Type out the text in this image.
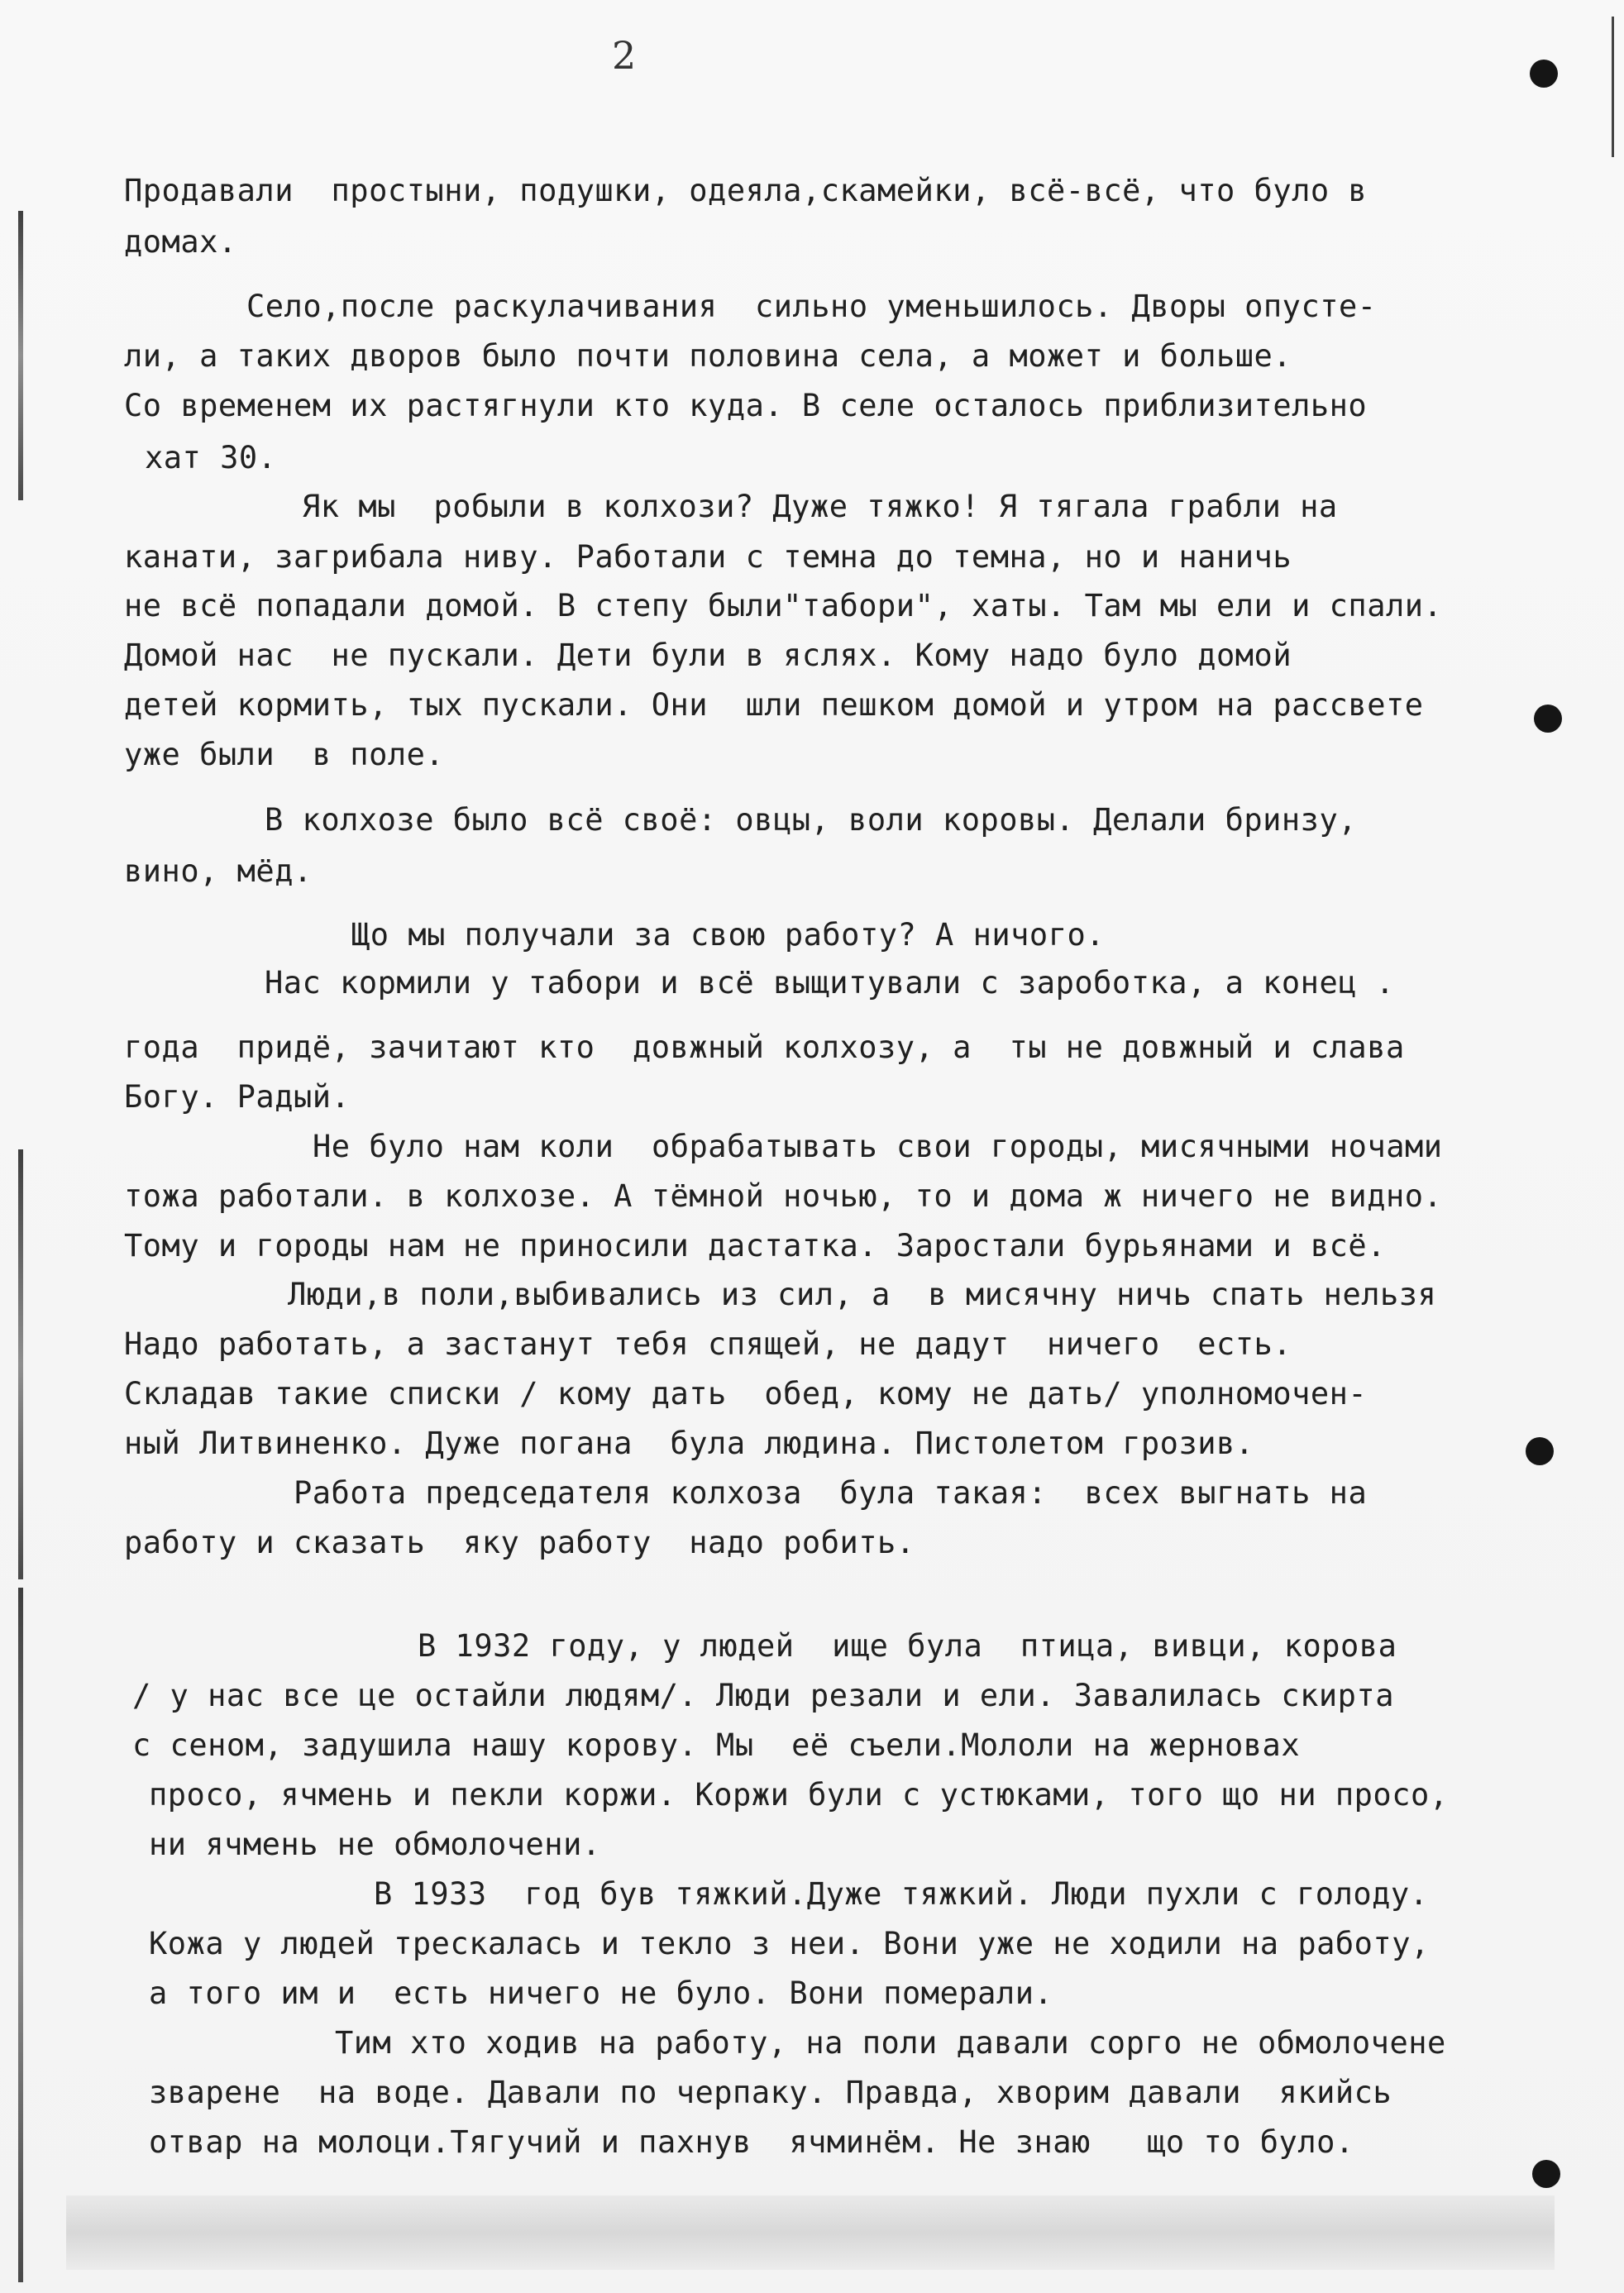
2
Продавали  простыни, подушки, одеяла,скамейки, всё-всё, что було в
домах.
Село,после раскулачивания  сильно уменьшилось. Дворы опусте-
ли, а таких дворов было почти половина села, а может и больше.
Со временем их растягнули кто куда. В селе осталось приблизительно
хат 30.
Як мы  робыли в колхози? Дуже тяжко! Я тягала грабли на
канати, загрибала ниву. Работали с темна до темна, но и наничь
не всё попадали домой. В степу были"табори", хаты. Там мы ели и спали.
Домой нас  не пускали. Дети були в яслях. Кому надо було домой
детей кормить, тых пускали. Они  шли пешком домой и утром на рассвете
уже были  в поле.
В колхозе было всё своё: овцы, воли коровы. Делали бринзу,
вино, мёд.
Що мы получали за свою работу? А ничого.
Нас кормили у табори и всё выщитували с заробoтка, а конец .
года  придё, зачитают кто  довжный колхозу, а  ты не довжный и слава
Богу. Радый.
Не було нам коли  обрабатывать свои городы, мисячными ночами
тожа работали. в колхозе. А тёмной ночью, то и дома ж ничего не видно.
Тому и городы нам не приносили дастатка. Заростали бурьянами и всё.
Люди,в поли,выбивались из сил, а  в мисячну ничь спать нельзя
Надо работать, а застанут тебя спящей, не дадут  ничего  есть.
Складав такие списки / кому дать  обед, кому не дать/ уполномочен-
ный Литвиненко. Дуже погана  була людина. Пистолетом грозив.
Работа председателя колхоза  була такая:  всех выгнать на
работу и сказать  яку работу  надо робить.
В 1932 году, у людей  ище була  птица, вивци, корова
/ у нас все це остайли людям/. Люди резали и ели. Завалилась скирта
с сеном, задушила нашу корову. Мы  её съели.Мололи на жерновах
просо, ячмень и пекли коржи. Коржи були с устюками, того що ни просо,
ни ячмень не обмолочени.
В 1933  год був тяжкий.Дуже тяжкий. Люди пухли с голоду.
Кожа у людей трескалась и текло з неи. Вони уже не ходили на работу,
а того им и  есть ничего не було. Вони померали.
Тим хто ходив на работу, на поли давали сорго не обмолочене
зварене  на воде. Давали по черпаку. Правда, хворим давали  якийсь
отвар на молоци.Тягучий и пахнув  ячминём. Не знаю   що то було.
